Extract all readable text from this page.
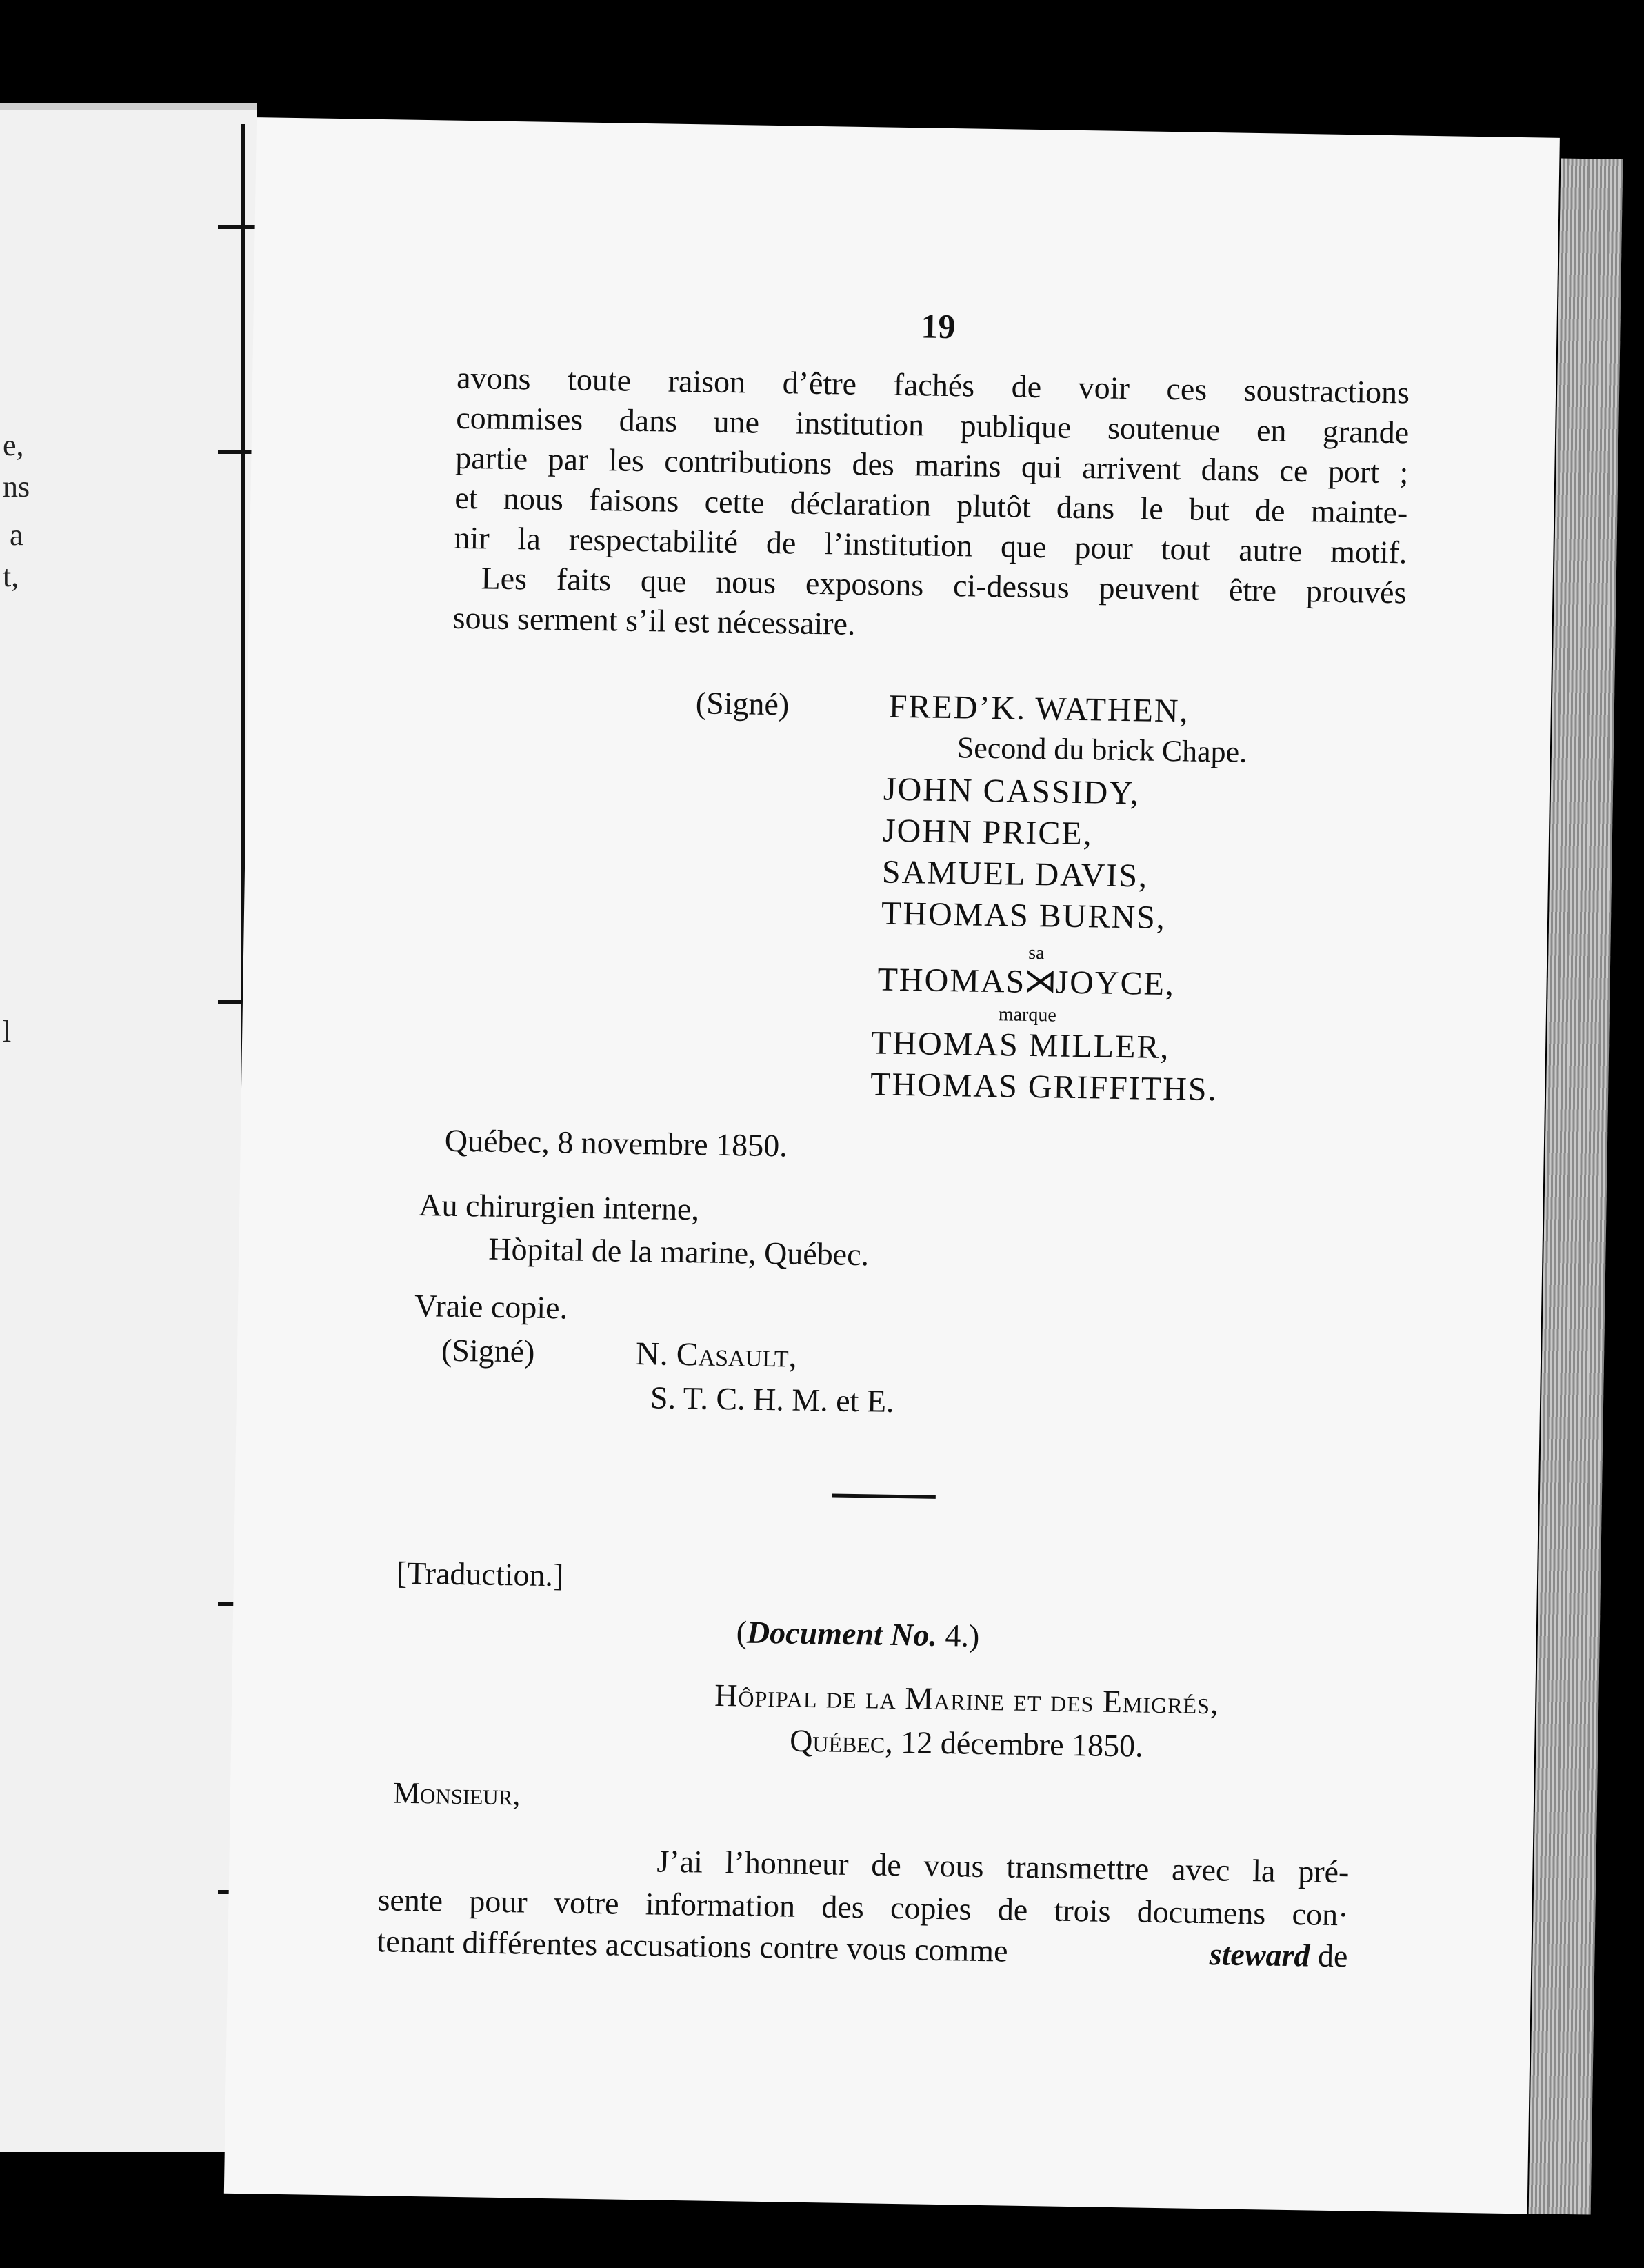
e,
ns
a
t,
l
19
avons toute raison d’être fachés de voir ces soustractions
commises dans une institution publique soutenue en grande
partie par les contributions des marins qui arrivent dans ce port ;
et nous faisons cette déclaration plutôt dans le but de mainte-
nir la respectabilité de l’institution que pour tout autre motif.
Les faits que nous exposons ci-dessus peuvent être prouvés
sous serment s’il est nécessaire.
(Signé)	FRED’K. WATHEN,
Second du brick Chape.
JOHN CASSIDY,
JOHN PRICE,
SAMUEL DAVIS,
THOMAS BURNS,
sa
THOMAS
⋊
JOYCE,
marque
THOMAS MILLER,
THOMAS GRIFFITHS.
Québec, 8 novembre 1850.
Au chirurgien interne,
Hòpital de la marine, Québec.
Vraie copie.
(Signé)	N. Casault,
S. T. C. H. M. et E.
[Traduction.]
(Document No. 4.)
Hôpipal de la Marine et des Emigrés,
Québec, 12 décembre 1850.
Monsieur,
J’ai l’honneur de vous transmettre avec la pré-
sente pour votre information des copies de trois documens con·
tenant différentes accusations contre vous comme	steward de
